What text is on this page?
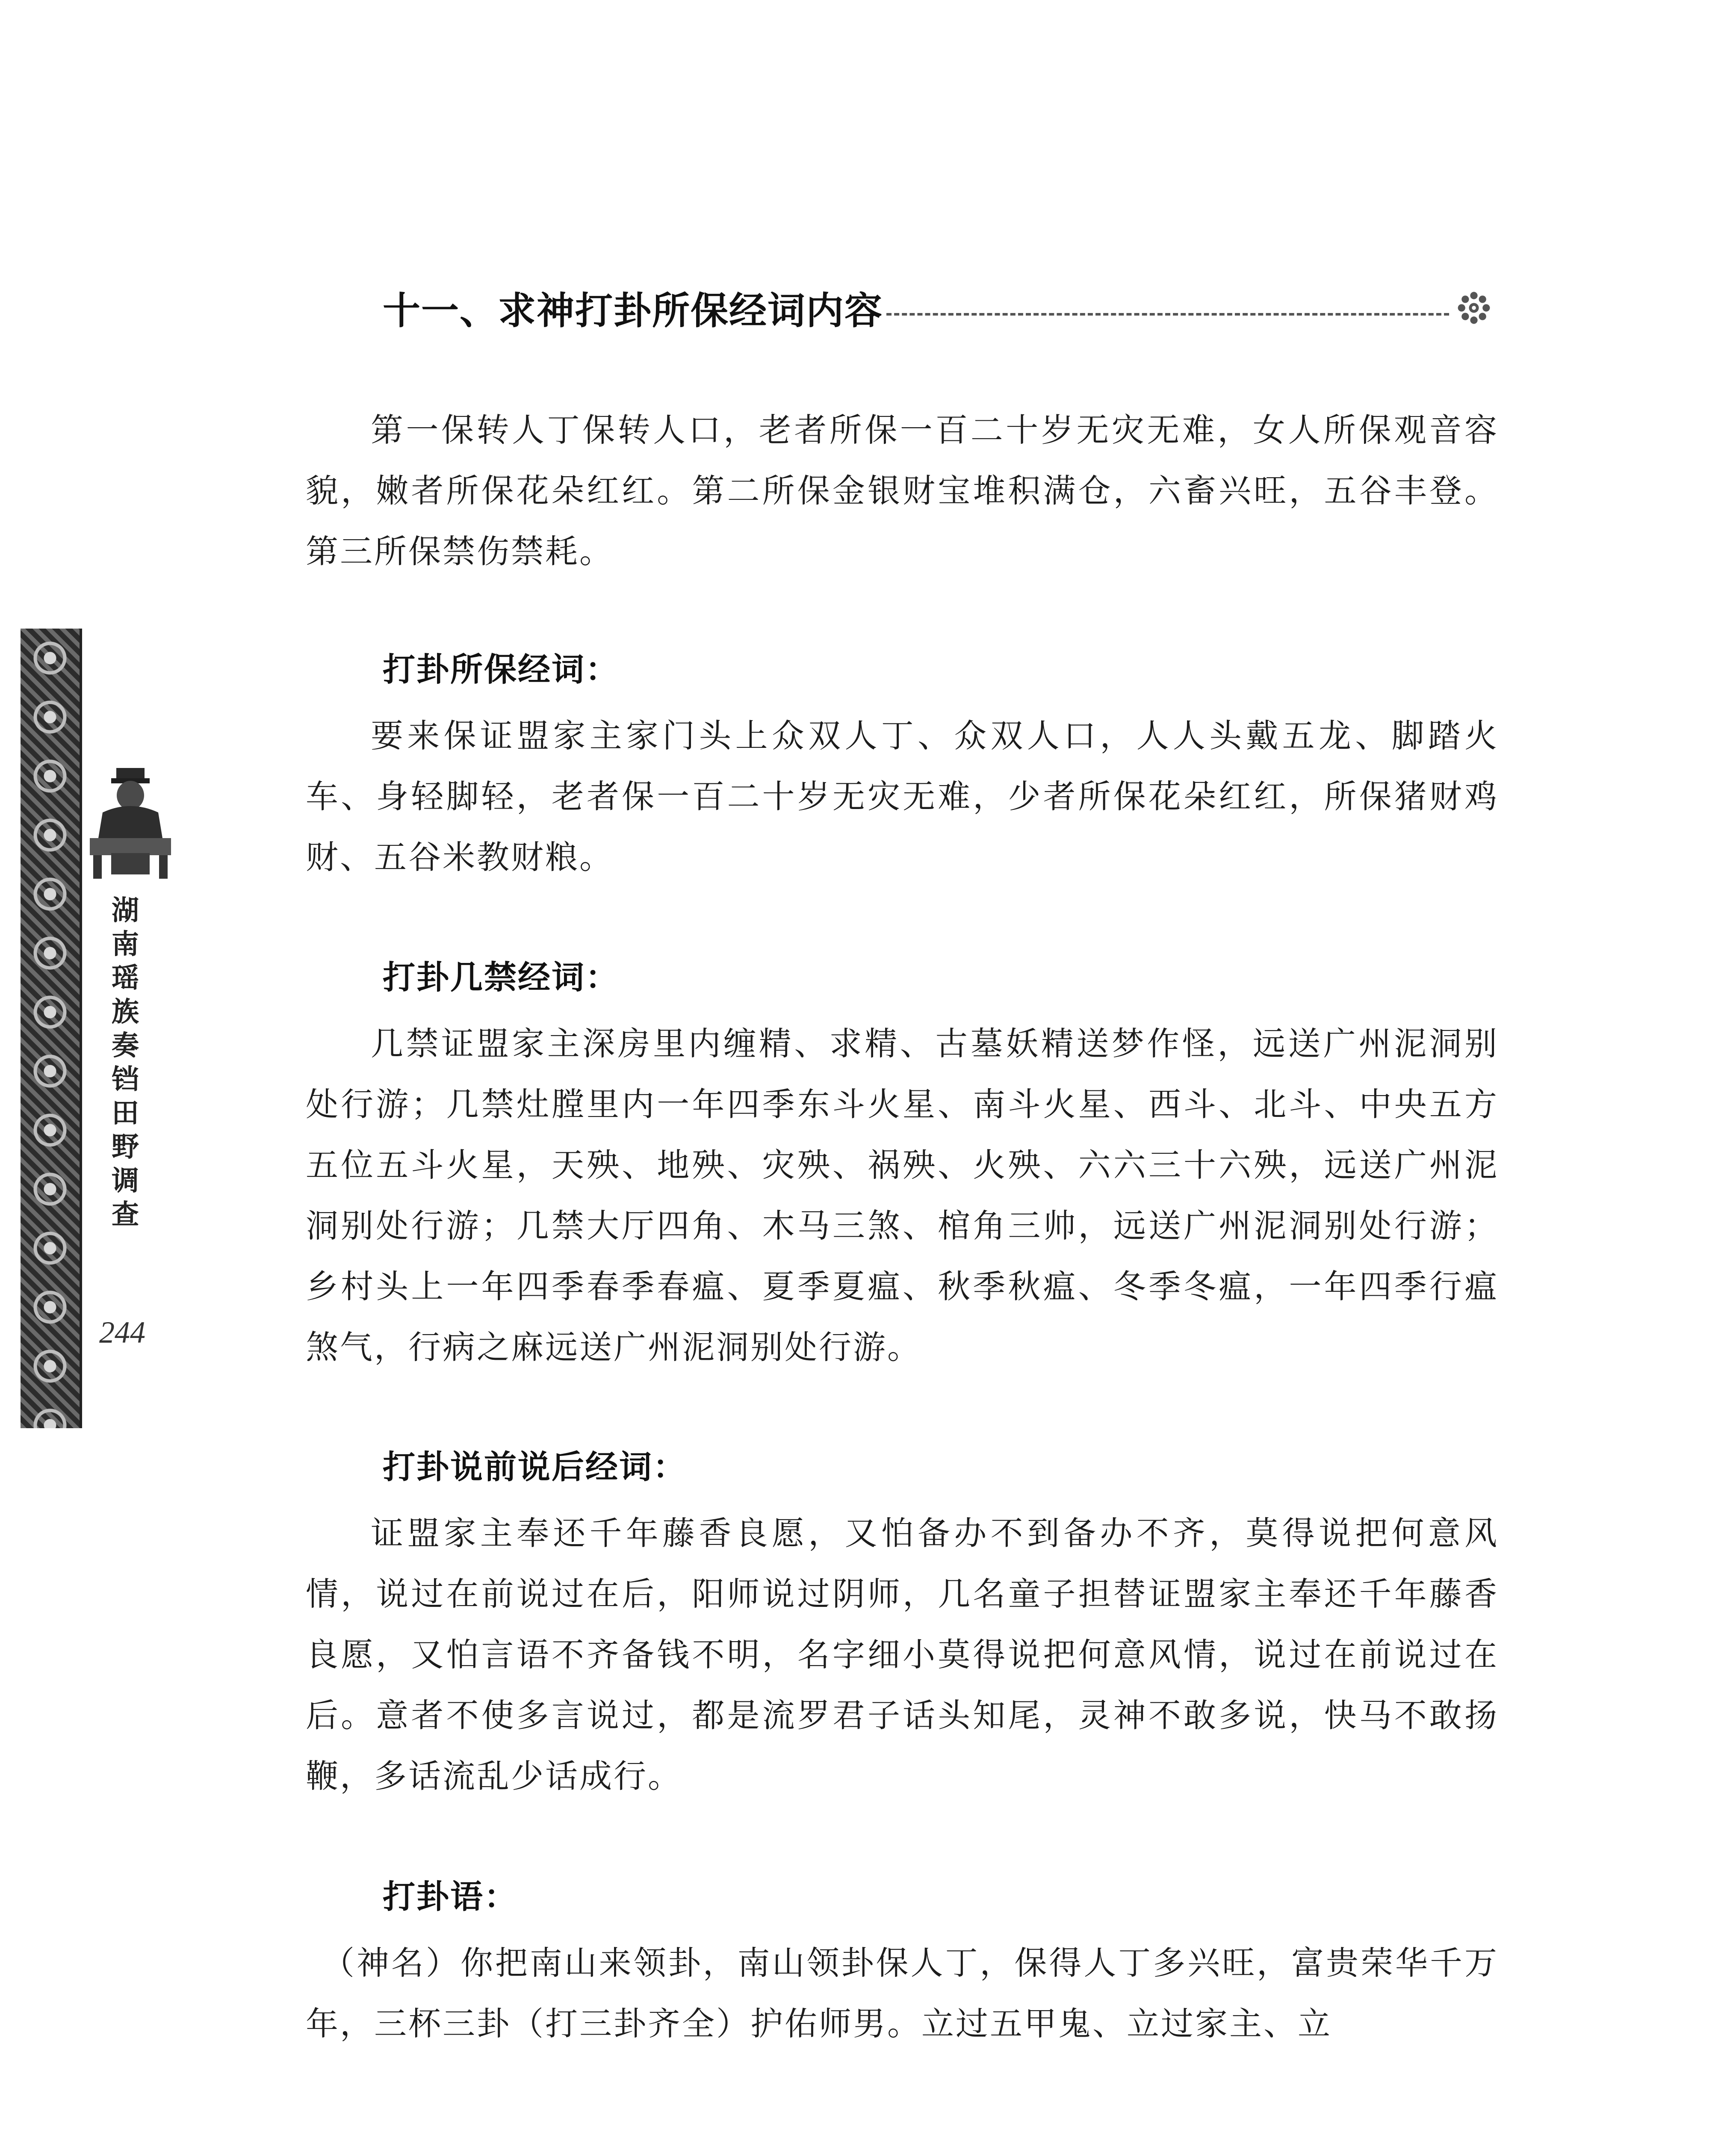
湖
南
瑶
族
奏
铛
田
野
调
查
244
十一、求神打卦所保经词内容
第一保转人丁保转人口，老者所保一百二十岁无灾无难，女人所保观音容貌，嫩者所保花朵红红。第二所保金银财宝堆积满仓，六畜兴旺，五谷丰登。第三所保禁伤禁耗。
打卦所保经词：
要来保证盟家主家门头上众双人丁、众双人口，人人头戴五龙、脚踏火车、身轻脚轻，老者保一百二十岁无灾无难，少者所保花朵红红，所保猪财鸡财、五谷米教财粮。
打卦几禁经词：
几禁证盟家主深房里内缠精、求精、古墓妖精送梦作怪，远送广州泥洞别处行游；几禁灶膛里内一年四季东斗火星、南斗火星、西斗、北斗、中央五方五位五斗火星，天殃、地殃、灾殃、祸殃、火殃、六六三十六殃，远送广州泥洞别处行游；几禁大厅四角、木马三煞、棺角三帅，远送广州泥洞别处行游；乡村头上一年四季春季春瘟、夏季夏瘟、秋季秋瘟、冬季冬瘟，一年四季行瘟煞气，行病之麻远送广州泥洞别处行游。
打卦说前说后经词：
证盟家主奉还千年藤香良愿，又怕备办不到备办不齐，莫得说把何意风情，说过在前说过在后，阳师说过阴师，几名童子担替证盟家主奉还千年藤香良愿，又怕言语不齐备钱不明，名字细小莫得说把何意风情，说过在前说过在后。意者不使多言说过，都是流罗君子话头知尾，灵神不敢多说，快马不敢扬鞭，多话流乱少话成行。
打卦语：
（神名）你把南山来领卦，南山领卦保人丁，保得人丁多兴旺，富贵荣华千万年，三杯三卦（打三卦齐全）护佑师男。立过五甲鬼、立过家主、立
